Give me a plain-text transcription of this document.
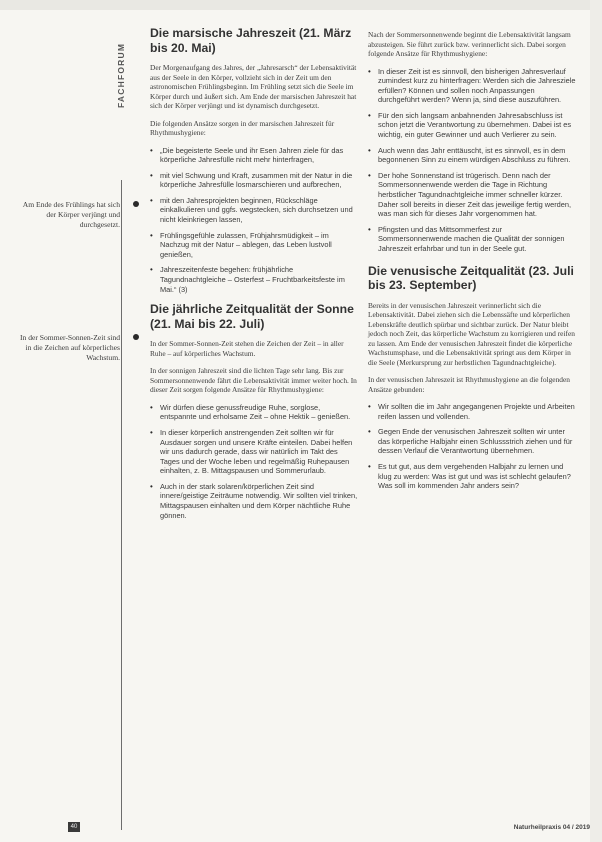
FACHFORUM
Am Ende des Frühlings hat sich der Körper verjüngt und durchgesetzt.
In der Sommer-Sonnen-Zeit sind in die Zeichen auf körperliches Wachstum.
Die marsische Jahreszeit (21. März bis 20. Mai)

Der Morgenaufgang des Jahres, der „Jahresarsch“ der Lebensaktivität aus der Seele in den Körper, vollzieht sich in der Zeit um den astronomischen Frühlingsbeginn. Im Frühling setzt sich die Seele im Körper durch und äußert sich. Am Ende der marsischen Jahreszeit hat sich der Körper verjüngt und ist dynamisch durchgesetzt.

Die folgenden Ansätze sorgen in der marsischen Jahreszeit für Rhythmushygiene:

• „Die begeisterte Seele und ihr Esen Jahren ziele für das körperliche Jahresfülle nicht mehr hinterfragen,
• mit viel Schwung und Kraft, zusammen mit der Natur in die körperliche Jahresfülle losmarschieren und aufbrechen,
• mit den Jahresprojekten beginnen, Rückschläge einkalkulieren und ggfs. wegstecken, sich durchsetzen und nicht kleinkriegen lassen,
• Frühlingsgefühle zulassen, Frühjahrsmüdigkeit – im Nachzug mit der Natur – ablegen, das Leben lustvoll genießen,
• Jahreszeitenfeste begehen: frühjährliche Tagundnachtgleiche – Osterfest – Fruchtbarkeitsfeste im Mai.“ (3)
Die jährliche Zeitqualität der Sonne (21. Mai bis 22. Juli)

In der Sommer-Sonnen-Zeit stehen die Zeichen der Zeit – in aller Ruhe – auf körperliches Wachstum.

In der sonnigen Jahreszeit sind die lichten Tage sehr lang. Bis zur Sommersonnenwende fährt die Lebensaktivität immer weiter hoch. In dieser Zeit sorgen folgende Ansätze für Rhythmushygiene:

• Wir dürfen diese genussfreudige Ruhe, sorglose, entspannte und erholsame Zeit – ohne Hektik – genießen.
• In dieser körperlich anstrengenden Zeit sollten wir für Ausdauer sorgen und unsere Kräfte einteilen. Dabei helfen wir uns dadurch gerade, dass wir natürlich im Takt des Tages und der Woche leben und regelmäßig Ruhepausen einhalten, z. B. Mittagspausen und Sommerurlaub.
• Auch in der stark solaren/körperlichen Zeit sind innere/geistige Zeiträume notwendig. Wir sollten viel trinken, Mittagspausen einhalten und dem Körper nächtliche Ruhe gönnen.

Nach der Sommersonnenwende beginnt die Lebensaktivität langsam abzusteigen. Sie führt zurück bzw. verinnerlicht sich. Dabei sorgen folgende Ansätze für Rhythmushygiene:

• In dieser Zeit ist es sinnvoll, den bisherigen Jahresverlauf zumindest kurz zu hinterfragen: Werden sich die Jahresziele erfüllen? Können und sollen noch Anpassungen durchgeführt werden? Wenn ja, sind diese auszuführen.
• Für den sich langsam anbahnenden Jahresabschluss ist schon jetzt die Verantwortung zu übernehmen. Dabei ist es wichtig, ein guter Gewinner und auch Verlierer zu sein.
• Auch wenn das Jahr enttäuscht, ist es sinnvoll, es in dem begonnenen Sinn zu einem würdigen Abschluss zu führen.
• Der hohe Sonnenstand ist trügerisch. Denn nach der Sommersonnenwende werden die Tage in Richtung herbstlicher Tagundnachtgleiche immer schneller kürzer. Daher soll bereits in dieser Zeit das jeweilige fertig werden, was man sich für dieses Jahr vorgenommen hat.
• Pfingsten und das Mittsommerfest zur Sommersonnenwende machen die Qualität der sonnigen Jahreszeit erfahrbar und tun in der Seele gut.
Die venusische Zeitqualität (23. Juli bis 23. September)

Bereits in der venusischen Jahreszeit verinnerlicht sich die Lebensaktivität. Dabei ziehen sich die Lebenssäfte und körperlichen Lebenskräfte deutlich spürbar und sichtbar zurück. Der Natur bleibt jedoch noch Zeit, das körperliche Wachstum zu korrigieren und reifen zu lassen. Am Ende der venusischen Jahreszeit findet die körperliche Wachstumsphase, und die Lebensaktivität springt aus dem Körper in die Seele (Merkursprung zur herbstlichen Tagundnachtgleiche).

In der venusischen Jahreszeit ist Rhythmushygiene an die folgenden Ansätze gebunden:

• Wir sollten die im Jahr angegangenen Projekte und Arbeiten reifen lassen und vollenden.
• Gegen Ende der venusischen Jahreszeit sollten wir unter das körperliche Halbjahr einen Schlussstrich ziehen und für dessen Verlauf die Verantwortung übernehmen.
• Es tut gut, aus dem vergehenden Halbjahr zu lernen und klug zu werden: Was ist gut und was ist schlecht gelaufen? Was soll im kommenden Jahr anders sein?
40	Naturheilpraxis 04 / 2019
